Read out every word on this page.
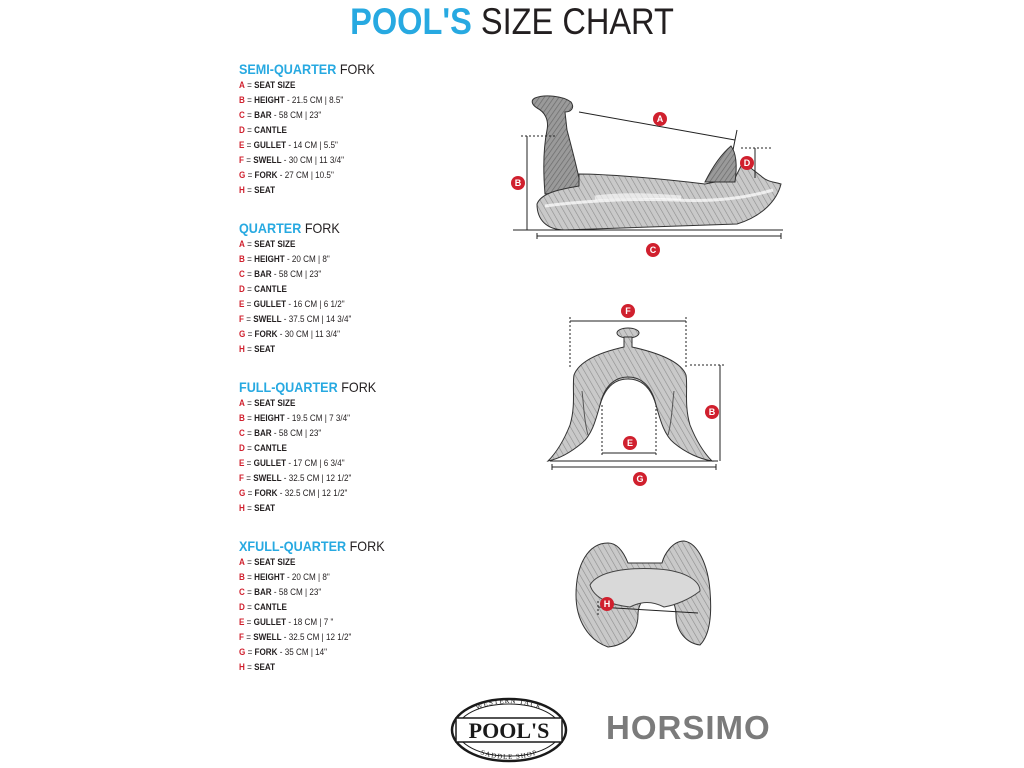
POOL'S SIZE CHART
SEMI-QUARTER FORK
A = SEAT SIZE
B = HEIGHT - 21.5 CM | 8.5"
C = BAR - 58 CM | 23"
D = CANTLE
E = GULLET - 14 CM | 5.5"
F = SWELL - 30 CM | 11 3/4"
G = FORK - 27 CM | 10.5"
H = SEAT
QUARTER FORK
A = SEAT SIZE
B = HEIGHT - 20 CM | 8"
C = BAR - 58 CM | 23"
D = CANTLE
E = GULLET - 16 CM | 6 1/2"
F = SWELL - 37.5 CM | 14 3/4"
G = FORK - 30 CM | 11 3/4"
H = SEAT
FULL-QUARTER FORK
A = SEAT SIZE
B = HEIGHT - 19.5 CM | 7 3/4"
C = BAR - 58 CM | 23"
D = CANTLE
E = GULLET - 17 CM | 6 3/4"
F = SWELL - 32.5 CM | 12 1/2"
G = FORK - 32.5 CM | 12 1/2"
H = SEAT
XFULL-QUARTER FORK
A = SEAT SIZE
B = HEIGHT - 20 CM | 8"
C = BAR - 58 CM | 23"
D = CANTLE
E = GULLET - 18 CM | 7 "
F = SWELL - 32.5 CM | 12 1/2"
G = FORK - 35 CM | 14"
H = SEAT
A
B
C
D
F
B
E
G
H
WESTERN TACK
SADDLE SHOP
POOL'S HORSIMO
